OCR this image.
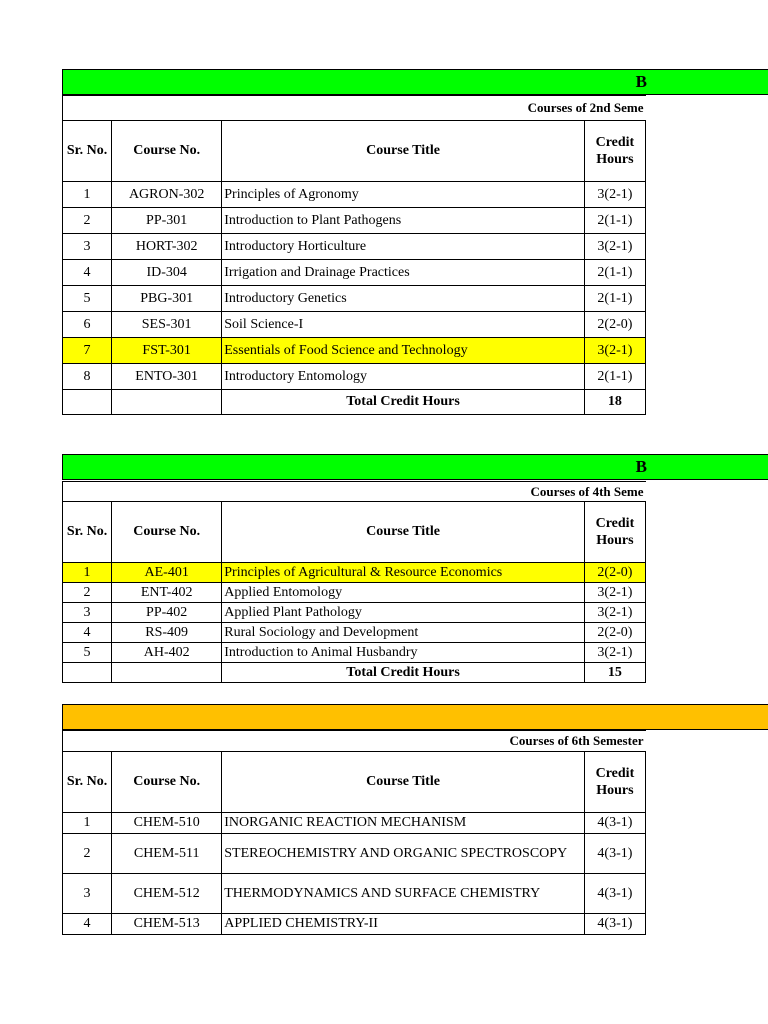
B
Courses of 2nd Seme			
Sr. No.	Course No.	Course Title	Credit
Hours
1	AGRON-302	Principles of Agronomy	3(2-1)
2	PP-301	Introduction to Plant Pathogens	2(1-1)
3	HORT-302	Introductory Horticulture	3(2-1)
4	ID-304	Irrigation and Drainage Practices	2(1-1)
5	PBG-301	Introductory Genetics	2(1-1)
6	SES-301	Soil Science-I	2(2-0)
7	FST-301	Essentials of Food Science and Technology	3(2-1)
8	ENTO-301	Introductory Entomology	2(1-1)
		Total Credit Hours	18
B
Courses of 4th Seme			
Sr. No.	Course No.	Course Title	Credit
Hours
1	AE-401	Principles of Agricultural & Resource Economics	2(2-0)
2	ENT-402	Applied Entomology	3(2-1)
3	PP-402	Applied Plant Pathology	3(2-1)
4	RS-409	Rural Sociology and Development	2(2-0)
5	AH-402	Introduction to Animal Husbandry	3(2-1)
		Total Credit Hours	15
Courses of 6th Semester			
Sr. No.	Course No.	Course Title	Credit
Hours
1	CHEM-510	INORGANIC REACTION MECHANISM	4(3-1)
2	CHEM-511	STEREOCHEMISTRY AND ORGANIC SPECTROSCOPY	4(3-1)
3	CHEM-512	THERMODYNAMICS AND SURFACE CHEMISTRY	4(3-1)
4	CHEM-513	APPLIED CHEMISTRY-II	4(3-1)
